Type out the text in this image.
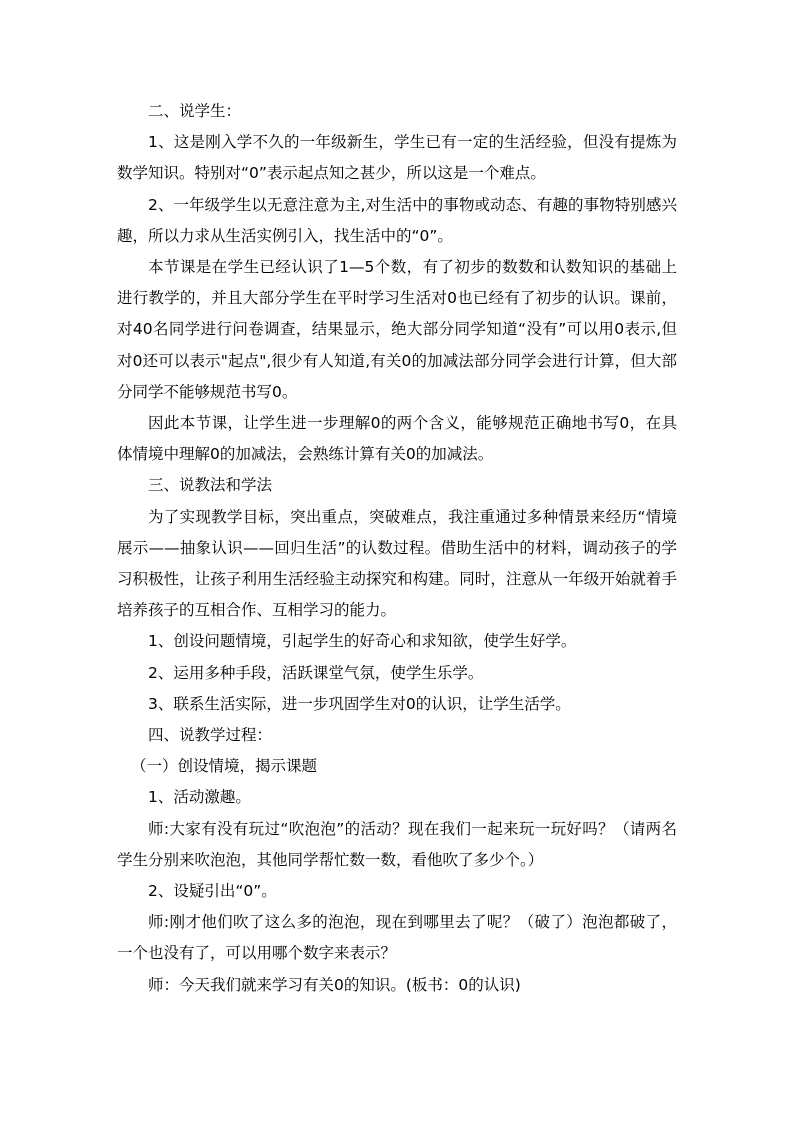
二、说学生：

1、这是刚入学不久的一年级新生，学生已有一定的生活经验，但没有提炼为数学知识。特别对“0”表示起点知之甚少，所以这是一个难点。

2、一年级学生以无意注意为主,对生活中的事物或动态、有趣的事物特别感兴趣，所以力求从生活实例引入，找生活中的“0”。

本节课是在学生已经认识了1—5个数，有了初步的数数和认数知识的基础上进行教学的，并且大部分学生在平时学习生活对0也已经有了初步的认识。课前，对40名同学进行问卷调查，结果显示，绝大部分同学知道“没有”可以用0表示,但对0还可以表示"起点",很少有人知道,有关0的加减法部分同学会进行计算，但大部分同学不能够规范书写0。

因此本节课，让学生进一步理解0的两个含义，能够规范正确地书写0，在具体情境中理解0的加减法，会熟练计算有关0的加减法。

三、说教法和学法

为了实现教学目标，突出重点，突破难点，我注重通过多种情景来经历“情境展示——抽象认识——回归生活”的认数过程。借助生活中的材料，调动孩子的学习积极性，让孩子利用生活经验主动探究和构建。同时，注意从一年级开始就着手培养孩子的互相合作、互相学习的能力。

1、创设问题情境，引起学生的好奇心和求知欲，使学生好学。

2、运用多种手段，活跃课堂气氛，使学生乐学。

3、联系生活实际，进一步巩固学生对0的认识，让学生活学。

四、说教学过程：

（一）创设情境，揭示课题

1、活动激趣。

师:大家有没有玩过“吹泡泡”的活动？现在我们一起来玩一玩好吗？（请两名学生分别来吹泡泡，其他同学帮忙数一数，看他吹了多少个。）

2、设疑引出“0”。

师:刚才他们吹了这么多的泡泡，现在到哪里去了呢？（破了）泡泡都破了，一个也没有了，可以用哪个数字来表示？

师：今天我们就来学习有关0的知识。(板书：0的认识)
